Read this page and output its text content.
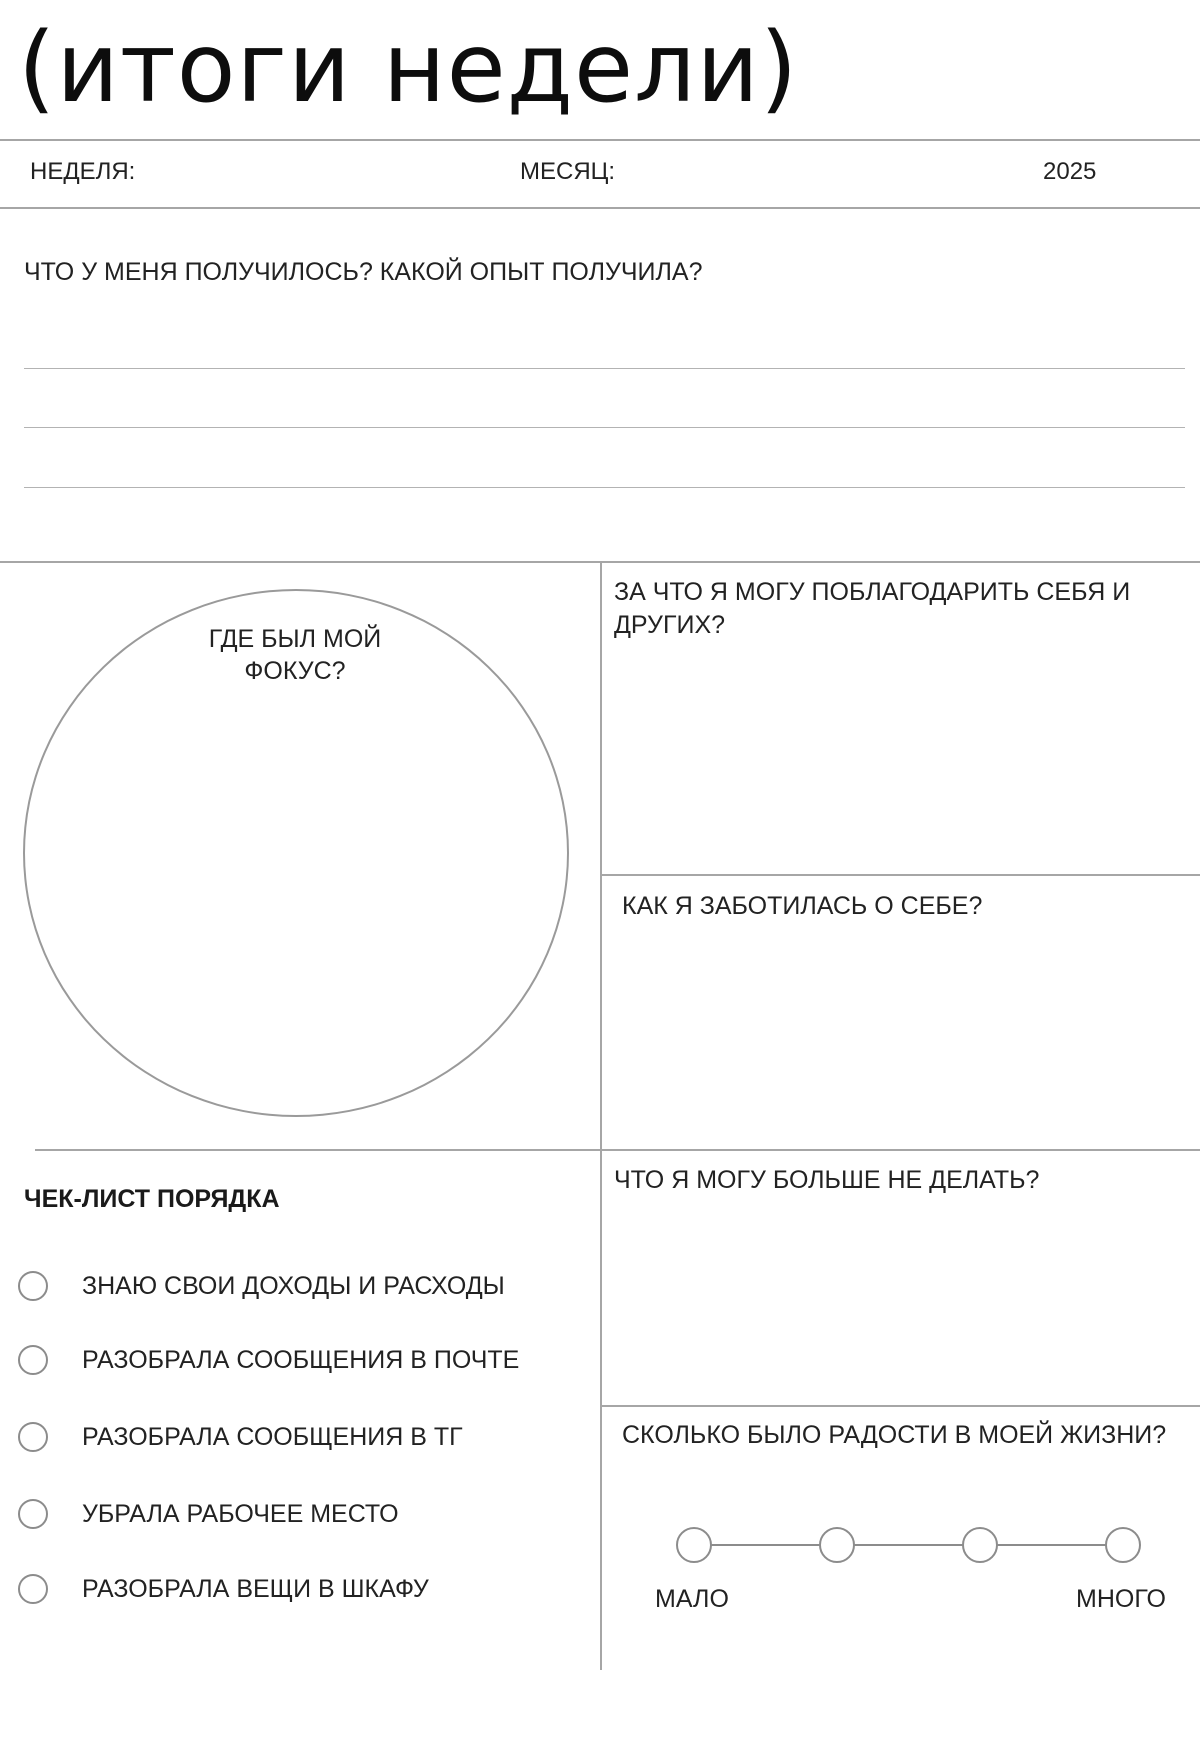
(итоги недели)
НЕДЕЛЯ:	МЕСЯЦ:	2025
ЧТО У МЕНЯ ПОЛУЧИЛОСЬ? КАКОЙ ОПЫТ ПОЛУЧИЛА?
ГДЕ БЫЛ МОЙ ФОКУС?
ЗА ЧТО Я МОГУ ПОБЛАГОДАРИТЬ СЕБЯ И ДРУГИХ?
КАК Я ЗАБОТИЛАСЬ О СЕБЕ?
ЧТО Я МОГУ БОЛЬШЕ НЕ ДЕЛАТЬ?
СКОЛЬКО БЫЛО РАДОСТИ В МОЕЙ ЖИЗНИ?
МАЛО	МНОГО
ЧЕК-ЛИСТ ПОРЯДКА
ЗНАЮ СВОИ ДОХОДЫ И РАСХОДЫ
РАЗОБРАЛА СООБЩЕНИЯ В ПОЧТЕ
РАЗОБРАЛА СООБЩЕНИЯ В ТГ
УБРАЛА РАБОЧЕЕ МЕСТО
РАЗОБРАЛА ВЕЩИ В ШКАФУ
